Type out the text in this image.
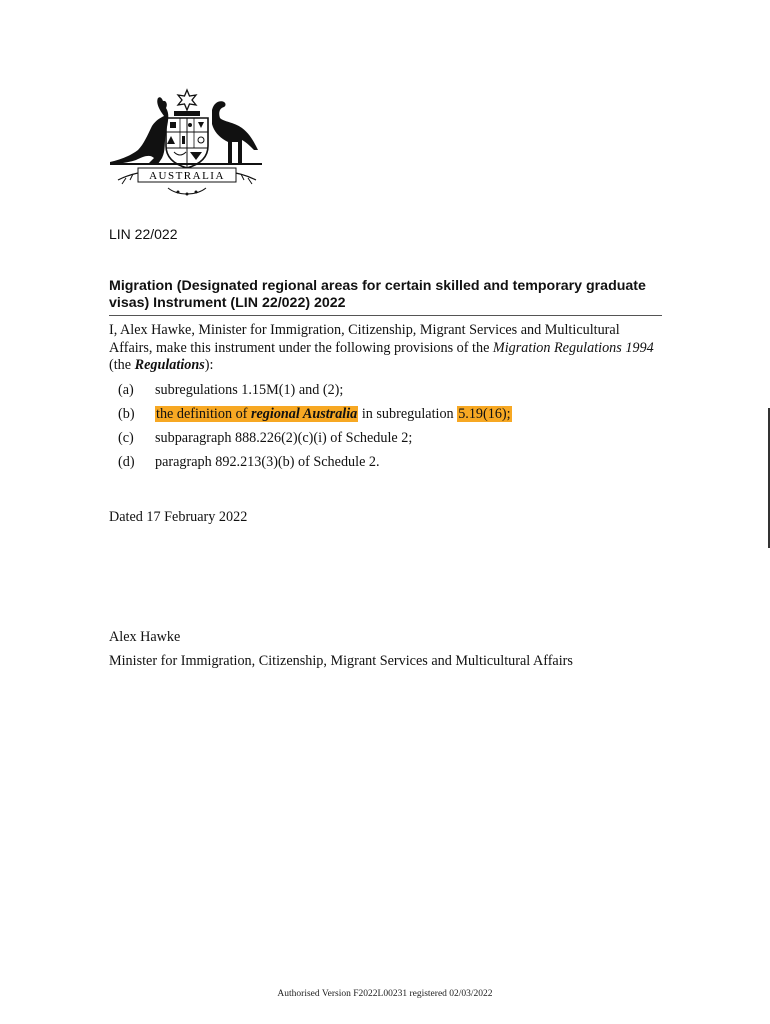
AUSTRALIA
LIN 22/022
Migration (Designated regional areas for certain skilled and temporary graduate visas) Instrument (LIN 22/022) 2022
I, Alex Hawke, Minister for Immigration, Citizenship, Migrant Services and Multicultural Affairs, make this instrument under the following provisions of the Migration Regulations 1994 (the Regulations):
(a) subregulations 1.15M(1) and (2);
(b) the definition of regional Australia in subregulation 5.19(16);
(c) subparagraph 888.226(2)(c)(i) of Schedule 2;
(d) paragraph 892.213(3)(b) of Schedule 2.
Dated 17 February 2022
Alex Hawke
Minister for Immigration, Citizenship, Migrant Services and Multicultural Affairs
Authorised Version F2022L00231 registered 02/03/2022
